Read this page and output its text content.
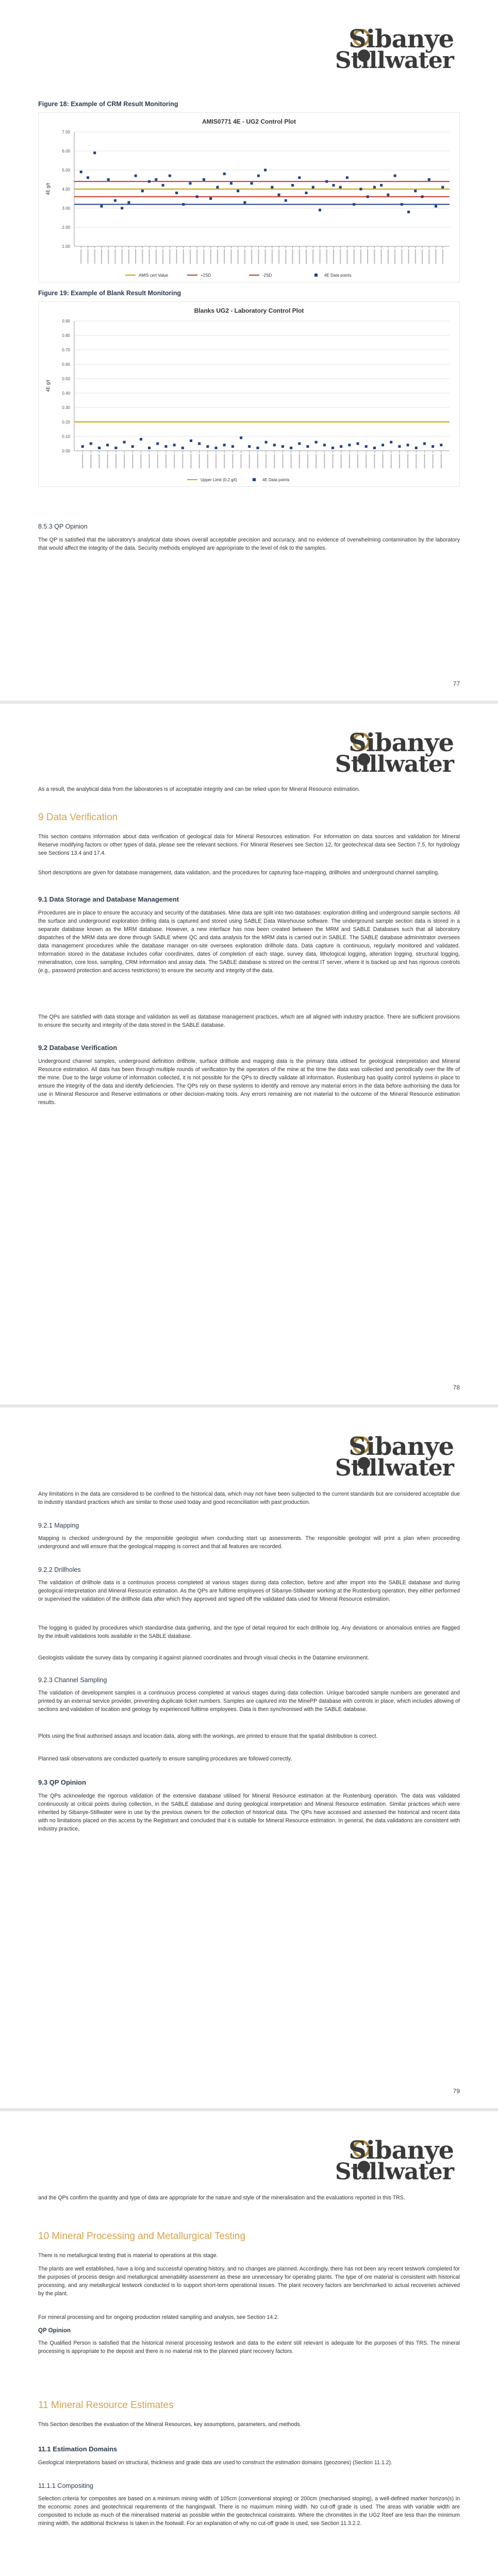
Sibanye
Stillwater
Figure 18: Example of CRM Result Monitoring
AMIS0771 4E - UG2 Control Plot
1.00
2.00
3.00
4.00
5.00
6.00
7.00
4E g/t
AMIS cert Value	+2SD	-2SD	4E Data points
Figure 19: Example of Blank Result Monitoring
Blanks UG2 - Laboratory Control Plot
0.00
0.10
0.20
0.30
0.40
0.50
0.60
0.70
0.80
0.90
4E g/t
Upper Limit (0.2 g/t)	4E Data points
8.5.3 QP Opinion

The QP is satisfied that the laboratory’s analytical data shows overall acceptable precision and accuracy, and no evidence of overwhelming contamination by the laboratory that would affect the integrity of the data. Security methods employed are appropriate to the level of risk to the samples.

77
Sibanye
Stillwater

As a result, the analytical data from the laboratories is of acceptable integrity and can be relied upon for Mineral Resource estimation.

9 Data Verification

This section contains information about data verification of geological data for Mineral Resources estimation. For information on data sources and validation for Mineral Reserve modifying factors or other types of data, please see the relevant sections. For Mineral Reserves see Section 12, for geotechnical data see Section 7.5, for hydrology see Sections 13.4 and 17.4.

Short descriptions are given for database management, data validation, and the procedures for capturing face-mapping, drillholes and underground channel sampling.

9.1 Data Storage and Database Management

Procedures are in place to ensure the accuracy and security of the databases. Mine data are split into two databases: exploration drilling and underground sample sections. All the surface and underground exploration drilling data is captured and stored using SABLE Data Warehouse software. The underground sample section data is stored in a separate database known as the MRM database. However, a new interface has now been created between the MRM and SABLE Databases such that all laboratory dispatches of the MRM data are done through SABLE where QC and data analysis for the MRM data is carried out in SABLE. The SABLE database administrator oversees data management procedures while the database manager on-site oversees exploration drillhole data. Data capture is continuous, regularly monitored and validated. Information stored in the database includes collar coordinates, dates of completion of each stage, survey data, lithological logging, alteration logging, structural logging, mineralisation, core loss, sampling, CRM information and assay data. The SABLE database is stored on the central IT server, where it is backed up and has rigorous controls (e.g., password protection and access restrictions) to ensure the security and integrity of the data.

The QPs are satisfied with data storage and validation as well as database management practices, which are all aligned with industry practice. There are sufficient provisions to ensure the security and integrity of the data stored in the SABLE database.

9.2 Database Verification

Underground channel samples, underground definition drillhole, surface drillhole and mapping data is the primary data utilised for geological interpretation and Mineral Resource estimation. All data has been through multiple rounds of verification by the operators of the mine at the time the data was collected and periodically over the life of the mine. Due to the large volume of information collected, it is not possible for the QPs to directly validate all information. Rustenburg has quality control systems in place to ensure the integrity of the data and identify deficiencies. The QPs rely on these systems to identify and remove any material errors in the data before authorising the data for use in Mineral Resource and Reserve estimations or other decision-making tools. Any errors remaining are not material to the outcome of the Mineral Resource estimation results.

78
Sibanye
Stillwater

Any limitations in the data are considered to be confined to the historical data, which may not have been subjected to the current standards but are considered acceptable due to industry standard practices which are similar to those used today and good reconciliation with past production.

9.2.1 Mapping

Mapping is checked underground by the responsible geologist when conducting start up assessments. The responsible geologist will print a plan when proceeding underground and will ensure that the geological mapping is correct and that all features are recorded.

9.2.2 Drillholes

The validation of drillhole data is a continuous process completed at various stages during data collection, before and after import into the SABLE database and during geological interpretation and Mineral Resource estimation. As the QPs are fulltime employees of Sibanye-Stillwater working at the Rustenburg operation, they either performed or supervised the validation of the drillhole data after which they approved and signed off the validated data used for Mineral Resource estimation.

The logging is guided by procedures which standardise data gathering, and the type of detail required for each drillhole log. Any deviations or anomalous entries are flagged by the inbuilt validations tools available in the SABLE database.

Geologists validate the survey data by comparing it against planned coordinates and through visual checks in the Datamine environment.

9.2.3 Channel Sampling

The validation of development samples is a continuous process completed at various stages during data collection. Unique barcoded sample numbers are generated and printed by an external service provider, preventing duplicate ticket numbers. Samples are captured into the MinePP database with controls in place, which includes allowing of sections and validation of location and geology by experienced fulltime employees. Data is then synchronised with the SABLE database.

Plots using the final authorised assays and location data, along with the workings, are printed to ensure that the spatial distribution is correct.

Planned task observations are conducted quarterly to ensure sampling procedures are followed correctly.

9.3 QP Opinion

The QPs acknowledge the rigorous validation of the extensive database utilised for Mineral Resource estimation at the Rustenburg operation. The data was validated continuously at critical points during collection, in the SABLE database and during geological interpretation and Mineral Resource estimation. Similar practices which were inherited by Sibanye-Stillwater were in use by the previous owners for the collection of historical data. The QPs have accessed and assessed the historical and recent data with no limitations placed on this access by the Registrant and concluded that it is suitable for Mineral Resource estimation. In general, the data validations are consistent with industry practice,

79
Sibanye
Stillwater

and the QPs confirm the quantity and type of data are appropriate for the nature and style of the mineralisation and the evaluations reported in this TRS.

10 Mineral Processing and Metallurgical Testing

There is no metallurgical testing that is material to operations at this stage.

The plants are well established, have a long and successful operating history, and no changes are planned. Accordingly, there has not been any recent testwork completed for the purposes of process design and metallurgical amenability assessment as these are unnecessary for operating plants. The type of ore material is consistent with historical processing, and any metallurgical testwork conducted is to support short-term operational issues. The plant recovery factors are benchmarked to actual recoveries achieved by the plant.

For mineral processing and for ongoing production related sampling and analysis, see Section 14.2.

QP Opinion

The Qualified Person is satisfied that the historical mineral processing testwork and data to the extent still relevant is adequate for the purposes of this TRS. The mineral processing is appropriate to the deposit and there is no material risk to the planned plant recovery factors.

11 Mineral Resource Estimates

This Section describes the evaluation of the Mineral Resources, key assumptions, parameters, and methods.

11.1 Estimation Domains

Geological interpretations based on structural, thickness and grade data are used to construct the estimation domains (geozones) (Section 11.1.2).

11.1.1 Compositing

Selection criteria for composites are based on a minimum mining width of 105cm (conventional stoping) or 200cm (mechanised stoping), a well-defined marker horizon(s) in the economic zones and geotechnical requirements of the hangingwall. There is no maximum mining width. No cut-off grade is used. The areas with variable width are composited to include as much of the mineralised material as possible within the geotechnical constraints. Where the chromitites in the UG2 Reef are less than the minimum mining width, the additional thickness is taken in the footwall. For an explanation of why no cut-off grade is used, see Section 11.3.2.2.
